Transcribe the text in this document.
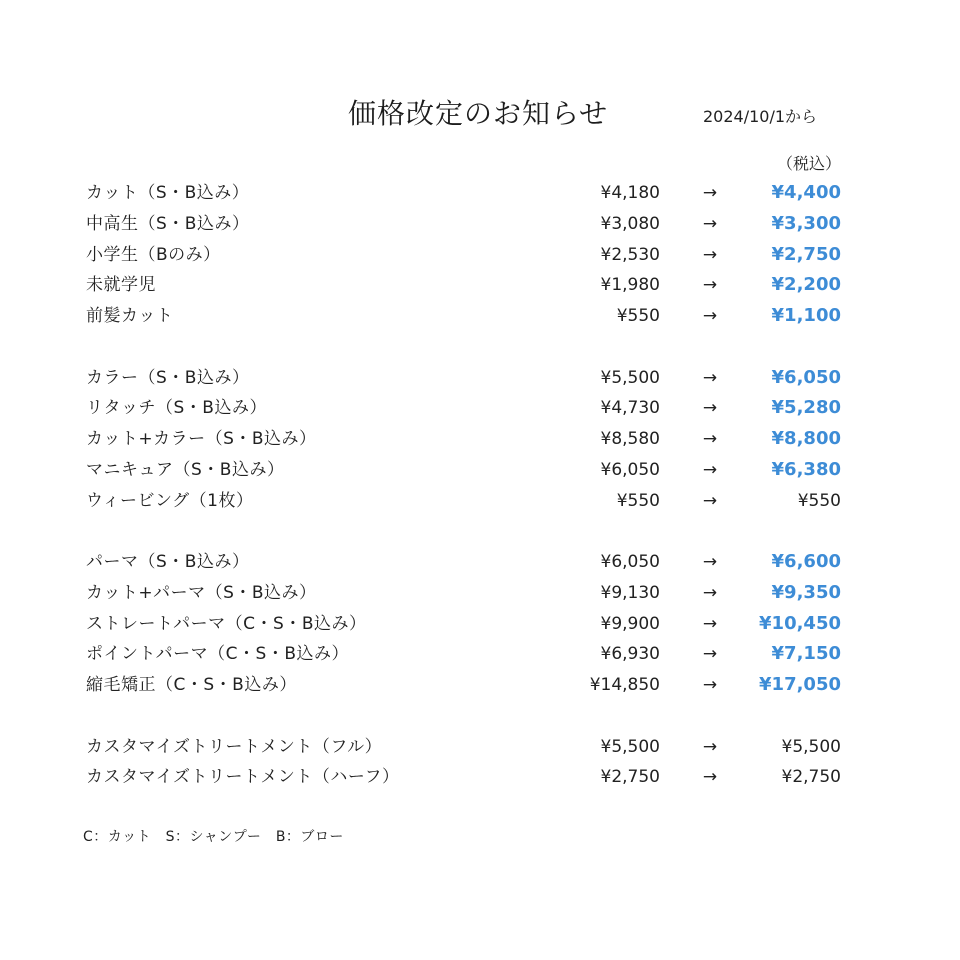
価格改定のお知らせ	2024/10/1から
（税込）
カット（S・B込み）	¥4,180	→	¥4,400
中高生（S・B込み）	¥3,080	→	¥3,300
小学生（Bのみ）	¥2,530	→	¥2,750
未就学児	¥1,980	→	¥2,200
前髪カット	¥550	→	¥1,100
カラー（S・B込み）	¥5,500	→	¥6,050
リタッチ（S・B込み）	¥4,730	→	¥5,280
カット+カラー（S・B込み）	¥8,580	→	¥8,800
マニキュア（S・B込み）	¥6,050	→	¥6,380
ウィービング（1枚）	¥550	→	¥550
パーマ（S・B込み）	¥6,050	→	¥6,600
カット+パーマ（S・B込み）	¥9,130	→	¥9,350
ストレートパーマ（C・S・B込み）	¥9,900	→ ¥10,450
ポイントパーマ（C・S・B込み）	¥6,930	→	¥7,150
縮毛矯正（C・S・B込み）	¥14,850	→ ¥17,050
カスタマイズトリートメント（フル）	¥5,500	→	¥5,500
カスタマイズトリートメント（ハーフ）	¥2,750	→	¥2,750
C：カット　S：シャンプー　B：ブロー
